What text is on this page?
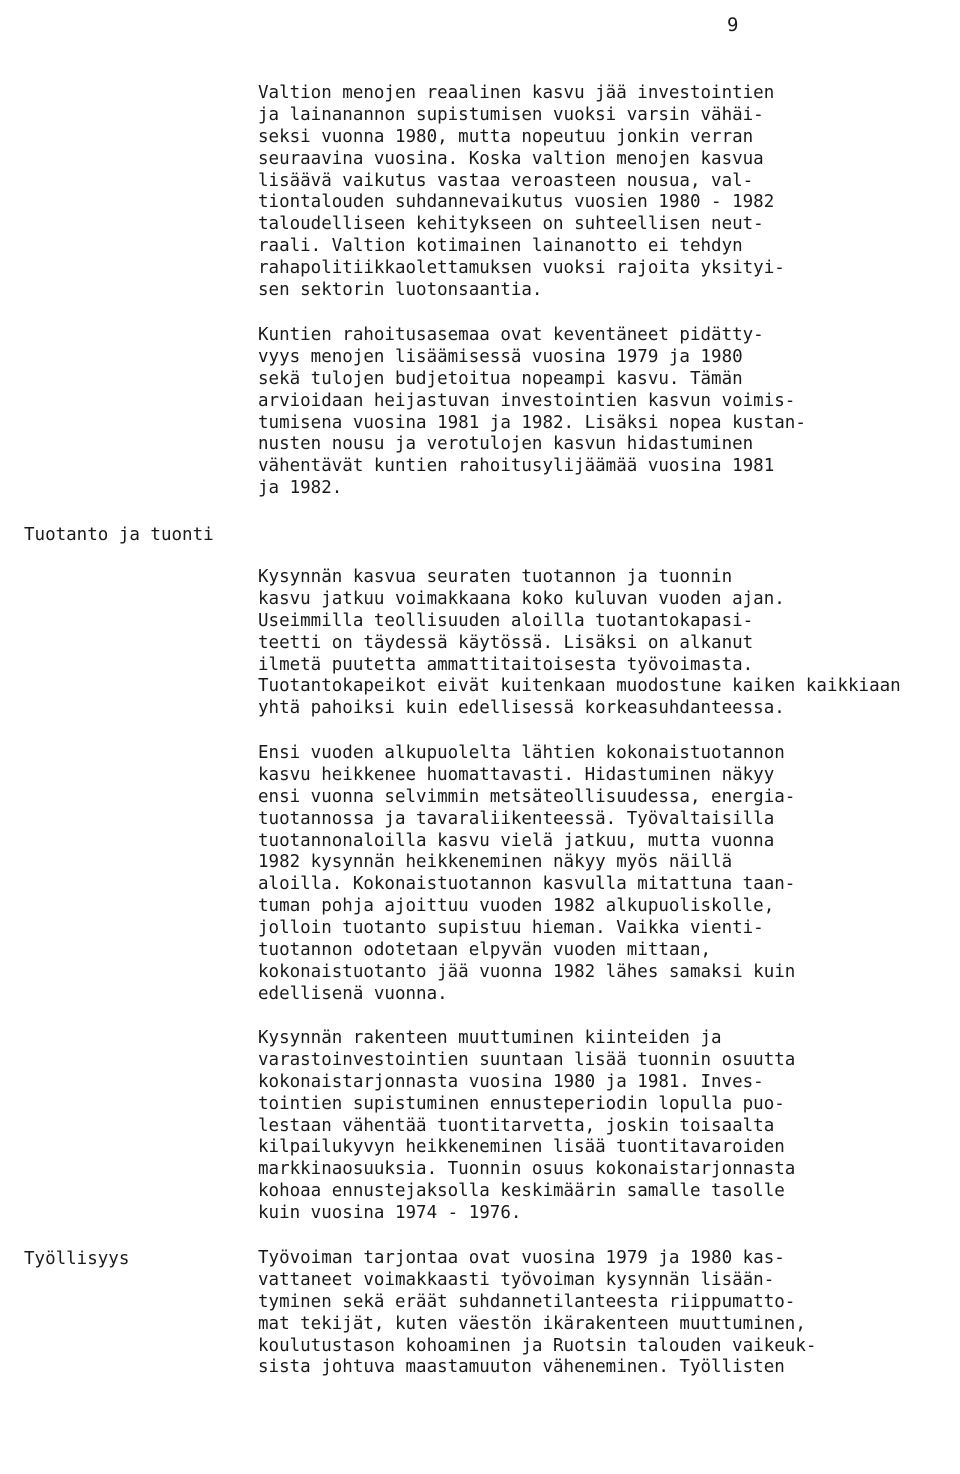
9
Tuotanto ja tuonti
Työllisyys
Valtion menojen reaalinen kasvu jää investointien
ja lainanannon supistumisen vuoksi varsin vähäi-
seksi vuonna 1980, mutta nopeutuu jonkin verran
seuraavina vuosina. Koska valtion menojen kasvua
lisäävä vaikutus vastaa veroasteen nousua, val-
tiontalouden suhdannevaikutus vuosien 1980 - 1982
taloudelliseen kehitykseen on suhteellisen neut-
raali. Valtion kotimainen lainanotto ei tehdyn
rahapolitiikkaolettamuksen vuoksi rajoita yksityi-
sen sektorin luotonsaantia.
Kuntien rahoitusasemaa ovat keventäneet pidätty-
vyys menojen lisäämisessä vuosina 1979 ja 1980
sekä tulojen budjetoitua nopeampi kasvu. Tämän
arvioidaan heijastuvan investointien kasvun voimis-
tumisena vuosina 1981 ja 1982. Lisäksi nopea kustan-
nusten nousu ja verotulojen kasvun hidastuminen
vähentävät kuntien rahoitusylijäämää vuosina 1981
ja 1982.
Kysynnän kasvua seuraten tuotannon ja tuonnin
kasvu jatkuu voimakkaana koko kuluvan vuoden ajan.
Useimmilla teollisuuden aloilla tuotantokapasi-
teetti on täydessä käytössä. Lisäksi on alkanut
ilmetä puutetta ammattitaitoisesta työvoimasta.
Tuotantokapeikot eivät kuitenkaan muodostune kaiken kaikkiaan
yhtä pahoiksi kuin edellisessä korkeasuhdanteessa.
Ensi vuoden alkupuolelta lähtien kokonaistuotannon
kasvu heikkenee huomattavasti. Hidastuminen näkyy
ensi vuonna selvimmin metsäteollisuudessa, energia-
tuotannossa ja tavaraliikenteessä. Työvaltaisilla
tuotannonaloilla kasvu vielä jatkuu, mutta vuonna
1982 kysynnän heikkeneminen näkyy myös näillä
aloilla. Kokonaistuotannon kasvulla mitattuna taan-
tuman pohja ajoittuu vuoden 1982 alkupuoliskolle,
jolloin tuotanto supistuu hieman. Vaikka vienti-
tuotannon odotetaan elpyvän vuoden mittaan,
kokonaistuotanto jää vuonna 1982 lähes samaksi kuin
edellisenä vuonna.
Kysynnän rakenteen muuttuminen kiinteiden ja
varastoinvestointien suuntaan lisää tuonnin osuutta
kokonaistarjonnasta vuosina 1980 ja 1981. Inves-
tointien supistuminen ennusteperiodin lopulla puo-
lestaan vähentää tuontitarvetta, joskin toisaalta
kilpailukyvyn heikkeneminen lisää tuontitavaroiden
markkinaosuuksia. Tuonnin osuus kokonaistarjonnasta
kohoaa ennustejaksolla keskimäärin samalle tasolle
kuin vuosina 1974 - 1976.
Työvoiman tarjontaa ovat vuosina 1979 ja 1980 kas-
vattaneet voimakkaasti työvoiman kysynnän lisään-
tyminen sekä eräät suhdannetilanteesta riippumatto-
mat tekijät, kuten väestön ikärakenteen muuttuminen,
koulutustason kohoaminen ja Ruotsin talouden vaikeuk-
sista johtuva maastamuuton väheneminen. Työllisten
